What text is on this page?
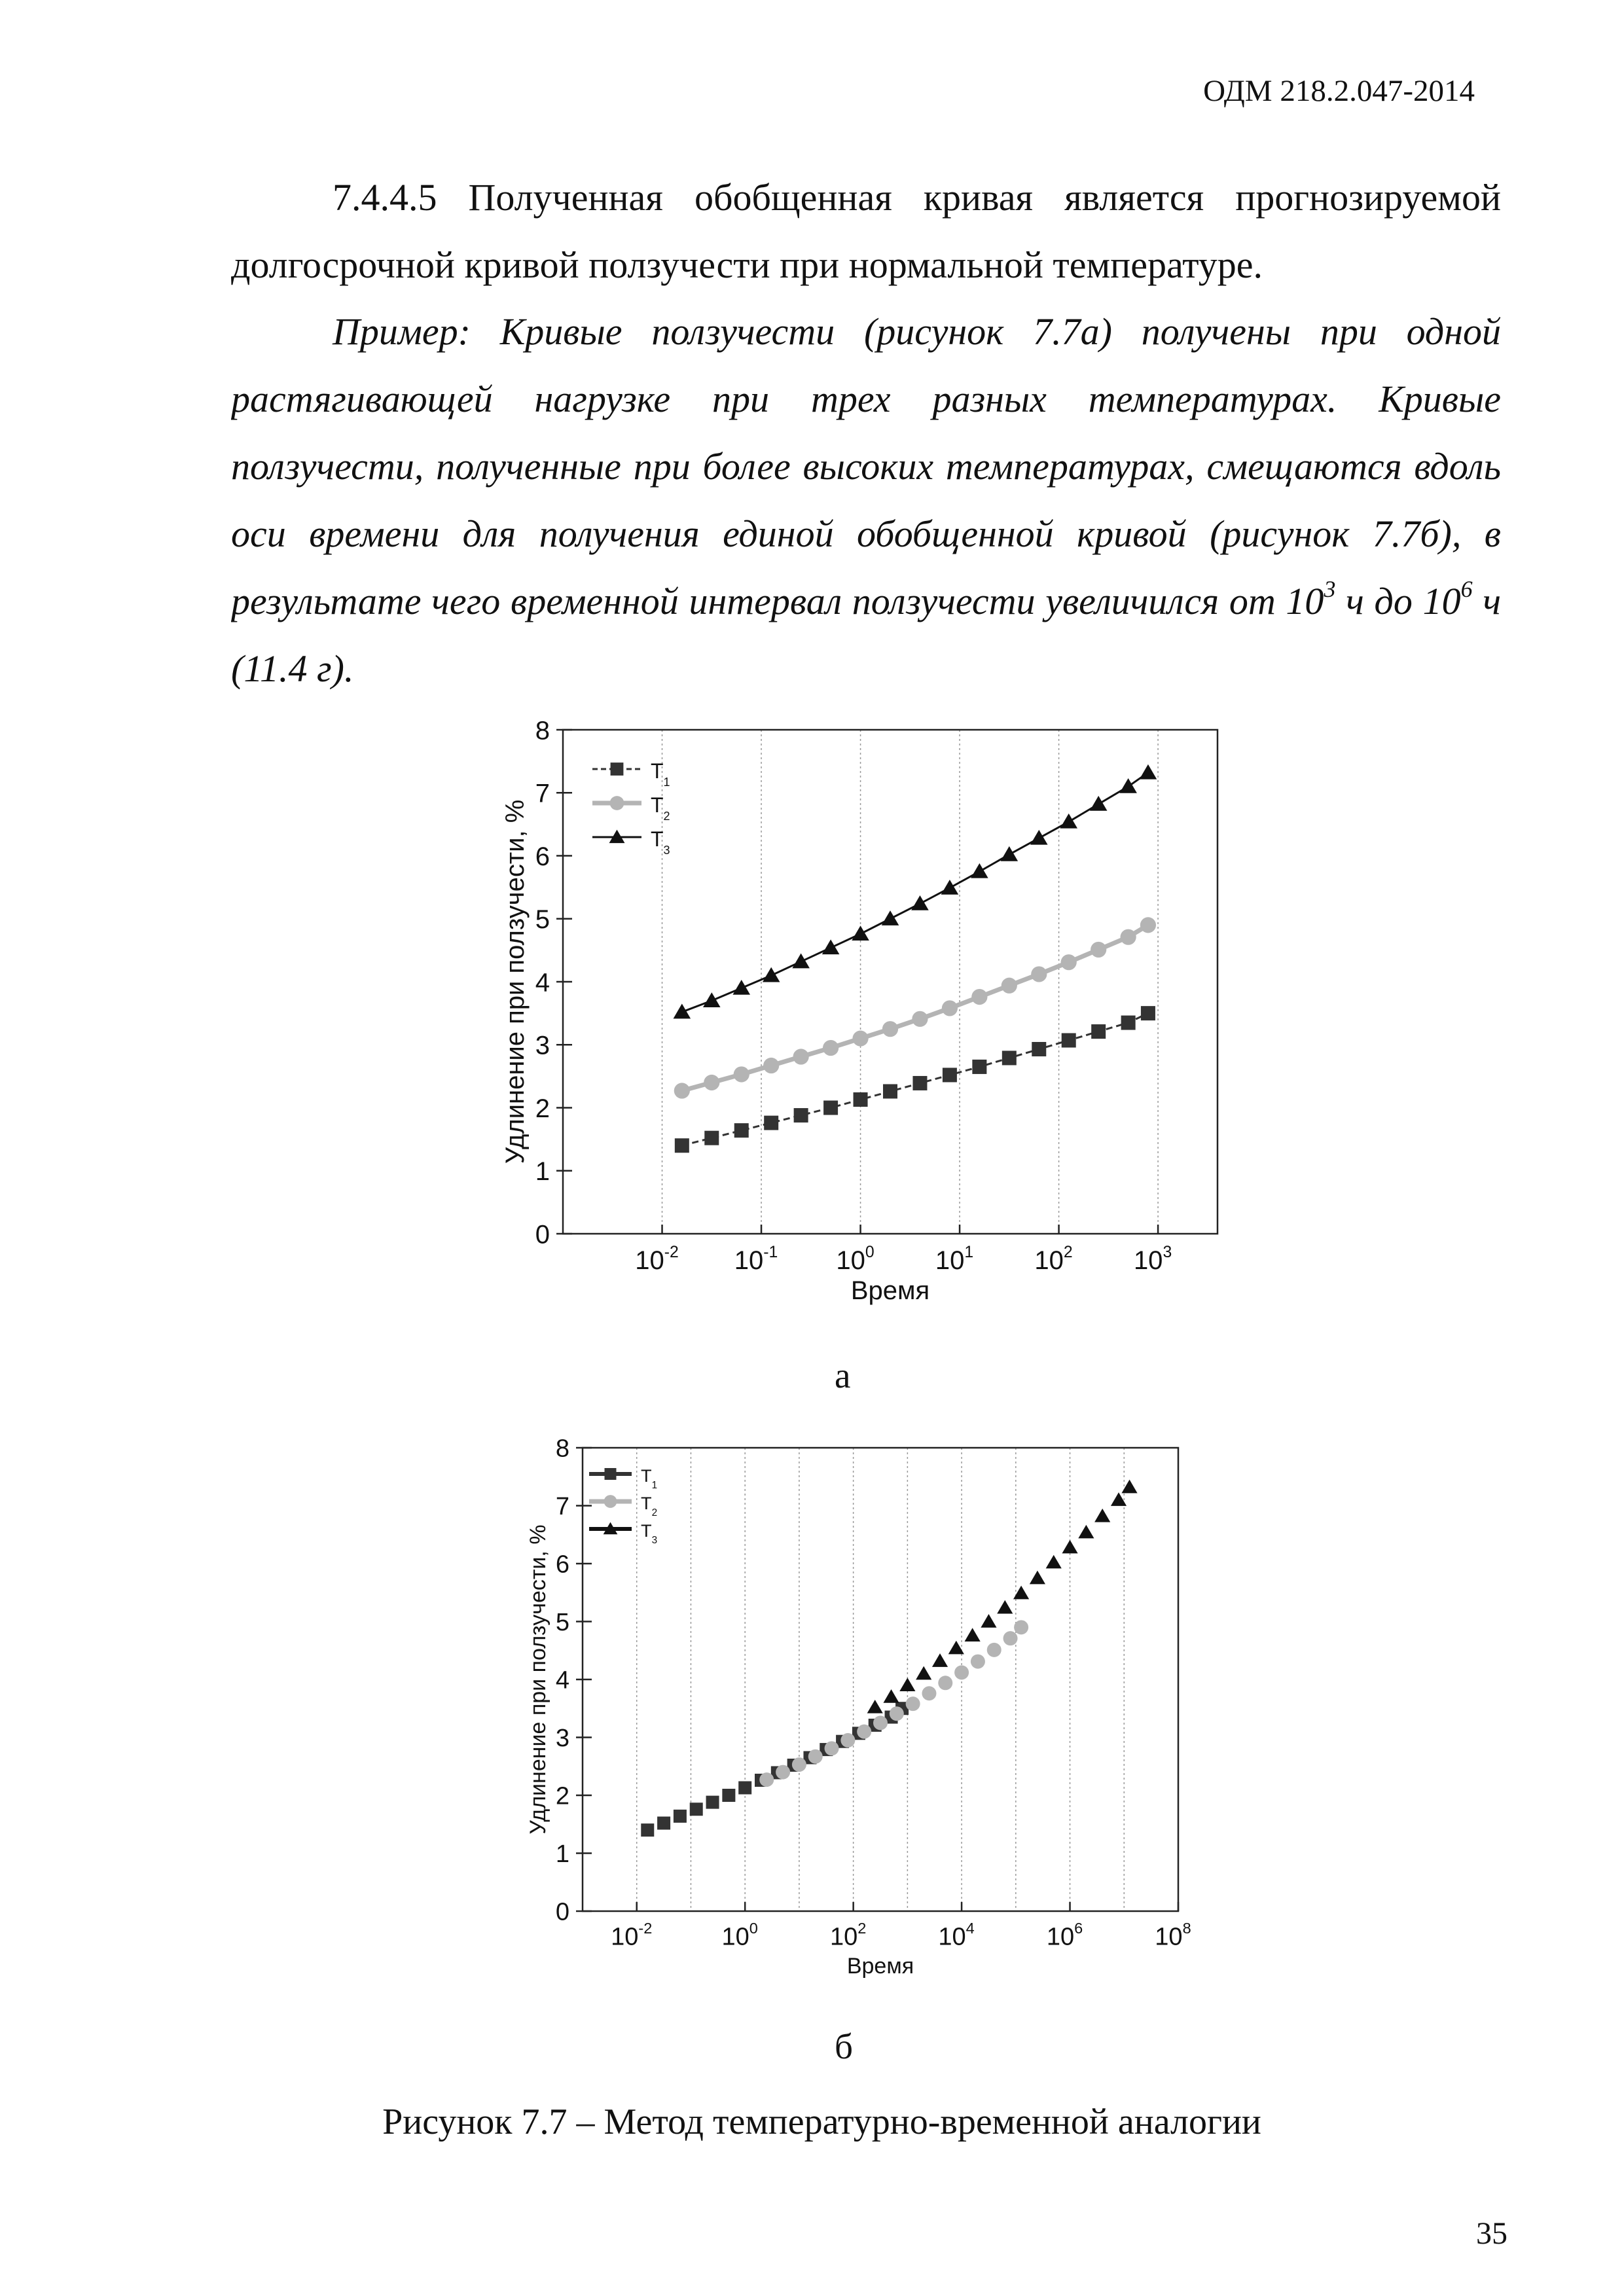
ОДМ 218.2.047-2014
7.4.4.5 Полученная обобщенная кривая является прогнозируемой
долгосрочной кривой ползучести при нормальной температуре.
Пример: Кривые ползучести (рисунок 7.7а) получены при одной
растягивающей нагрузке при трех разных температурах. Кривые
ползучести, полученные при более высоких температурах, смещаются вдоль
оси времени для получения единой обобщенной кривой (рисунок 7.7б), в
результате чего временной интервал ползучести увеличился от $10^3$ ч до $10^6$ ч
(11.4 г).
0
1
2
3
4
5
6
7
8
$10^{-2}$ $10^{-1}$ $10^0$ $10^1$ $10^2$ $10^3$
Время
Удлинение при ползучести, %
$T_1$
$T_2$
$T_3$
а
0
1
2
3
4
5
6
7
8
$10^{-2}$	$10^0$	$10^2$	$10^4$	$10^6$	$10^8$
Время
Удлинение при ползучести, %
$T_1$
$T_2$
$T_3$
б
Рисунок 7.7 – Метод температурно-временной аналогии
35
